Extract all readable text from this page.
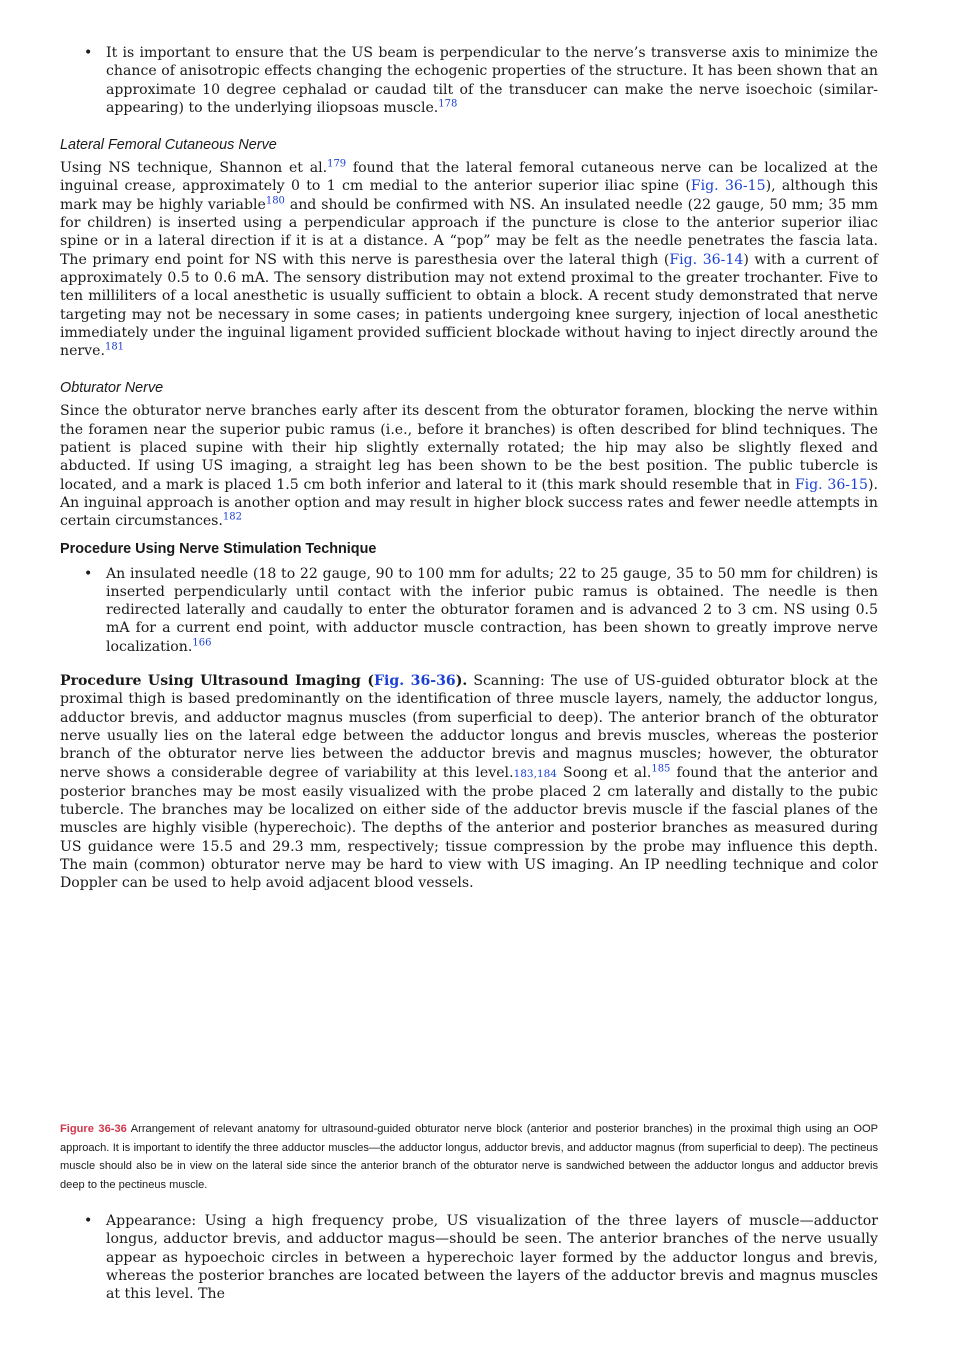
• It is important to ensure that the US beam is perpendicular to the nerve’s transverse axis to minimize the chance of anisotropic effects changing the echogenic properties of the structure. It has been shown that an approximate 10 degree cephalad or caudad tilt of the transducer can make the nerve isoechoic (similar-appearing) to the underlying iliopsoas muscle.$^{178}$

Lateral Femoral Cutaneous Nerve

Using NS technique, Shannon et al.$^{179}$ found that the lateral femoral cutaneous nerve can be localized at the inguinal crease, approximately 0 to 1 cm medial to the anterior superior iliac spine (Fig. 36-15), although this mark may be highly variable$^{180}$ and should be confirmed with NS. An insulated needle (22 gauge, 50 mm; 35 mm for children) is inserted using a perpendicular approach if the puncture is close to the anterior superior iliac spine or in a lateral direction if it is at a distance. A “pop” may be felt as the needle penetrates the fascia lata. The primary end point for NS with this nerve is paresthesia over the lateral thigh (Fig. 36-14) with a current of approximately 0.5 to 0.6 mA. The sensory distribution may not extend proximal to the greater trochanter. Five to ten milliliters of a local anesthetic is usually sufficient to obtain a block. A recent study demonstrated that nerve targeting may not be necessary in some cases; in patients undergoing knee surgery, injection of local anesthetic immediately under the inguinal ligament provided sufficient blockade without having to inject directly around the nerve.$^{181}$

Obturator Nerve

Since the obturator nerve branches early after its descent from the obturator foramen, blocking the nerve within the foramen near the superior pubic ramus (i.e., before it branches) is often described for blind techniques. The patient is placed supine with their hip slightly externally rotated; the hip may also be slightly flexed and abducted. If using US imaging, a straight leg has been shown to be the best position. The public tubercle is located, and a mark is placed 1.5 cm both inferior and lateral to it (this mark should resemble that in Fig. 36-15). An inguinal approach is another option and may result in higher block success rates and fewer needle attempts in certain circumstances.$^{182}$

Procedure Using Nerve Stimulation Technique

• An insulated needle (18 to 22 gauge, 90 to 100 mm for adults; 22 to 25 gauge, 35 to 50 mm for children) is inserted perpendicularly until contact with the inferior pubic ramus is obtained. The needle is then redirected laterally and caudally to enter the obturator foramen and is advanced 2 to 3 cm. NS using 0.5 mA for a current end point, with adductor muscle contraction, has been shown to greatly improve nerve localization.$^{166}$

Procedure Using Ultrasound Imaging (Fig. 36-36). Scanning: The use of US-guided obturator block at the proximal thigh is based predominantly on the identification of three muscle layers, namely, the adductor longus, adductor brevis, and adductor magnus muscles (from superficial to deep). The anterior branch of the obturator nerve usually lies on the lateral edge between the adductor longus and brevis muscles, whereas the posterior branch of the obturator nerve lies between the adductor brevis and magnus muscles; however, the obturator nerve shows a considerable degree of variability at this level.183,184 Soong et al.$^{185}$ found that the anterior and posterior branches may be most easily visualized with the probe placed 2 cm laterally and distally to the pubic tubercle. The branches may be localized on either side of the adductor brevis muscle if the fascial planes of the muscles are highly visible (hyperechoic). The depths of the anterior and posterior branches as measured during US guidance were 15.5 and 29.3 mm, respectively; tissue compression by the probe may influence this depth. The main (common) obturator nerve may be hard to view with US imaging. An IP needling technique and color Doppler can be used to help avoid adjacent blood vessels.

Figure 36-36 Arrangement of relevant anatomy for ultrasound-guided obturator nerve block (anterior and posterior branches) in the proximal thigh using an OOP approach. It is important to identify the three adductor muscles—the adductor longus, adductor brevis, and adductor magnus (from superficial to deep). The pectineus muscle should also be in view on the lateral side since the anterior branch of the obturator nerve is sandwiched between the adductor longus and adductor brevis deep to the pectineus muscle.
• Appearance: Using a high frequency probe, US visualization of the three layers of muscle—adductor longus, adductor brevis, and adductor magus—should be seen. The anterior branches of the nerve usually appear as hypoechoic circles in between a hyperechoic layer formed by the adductor longus and brevis, whereas the posterior branches are located between the layers of the adductor brevis and magnus muscles at this level. The
